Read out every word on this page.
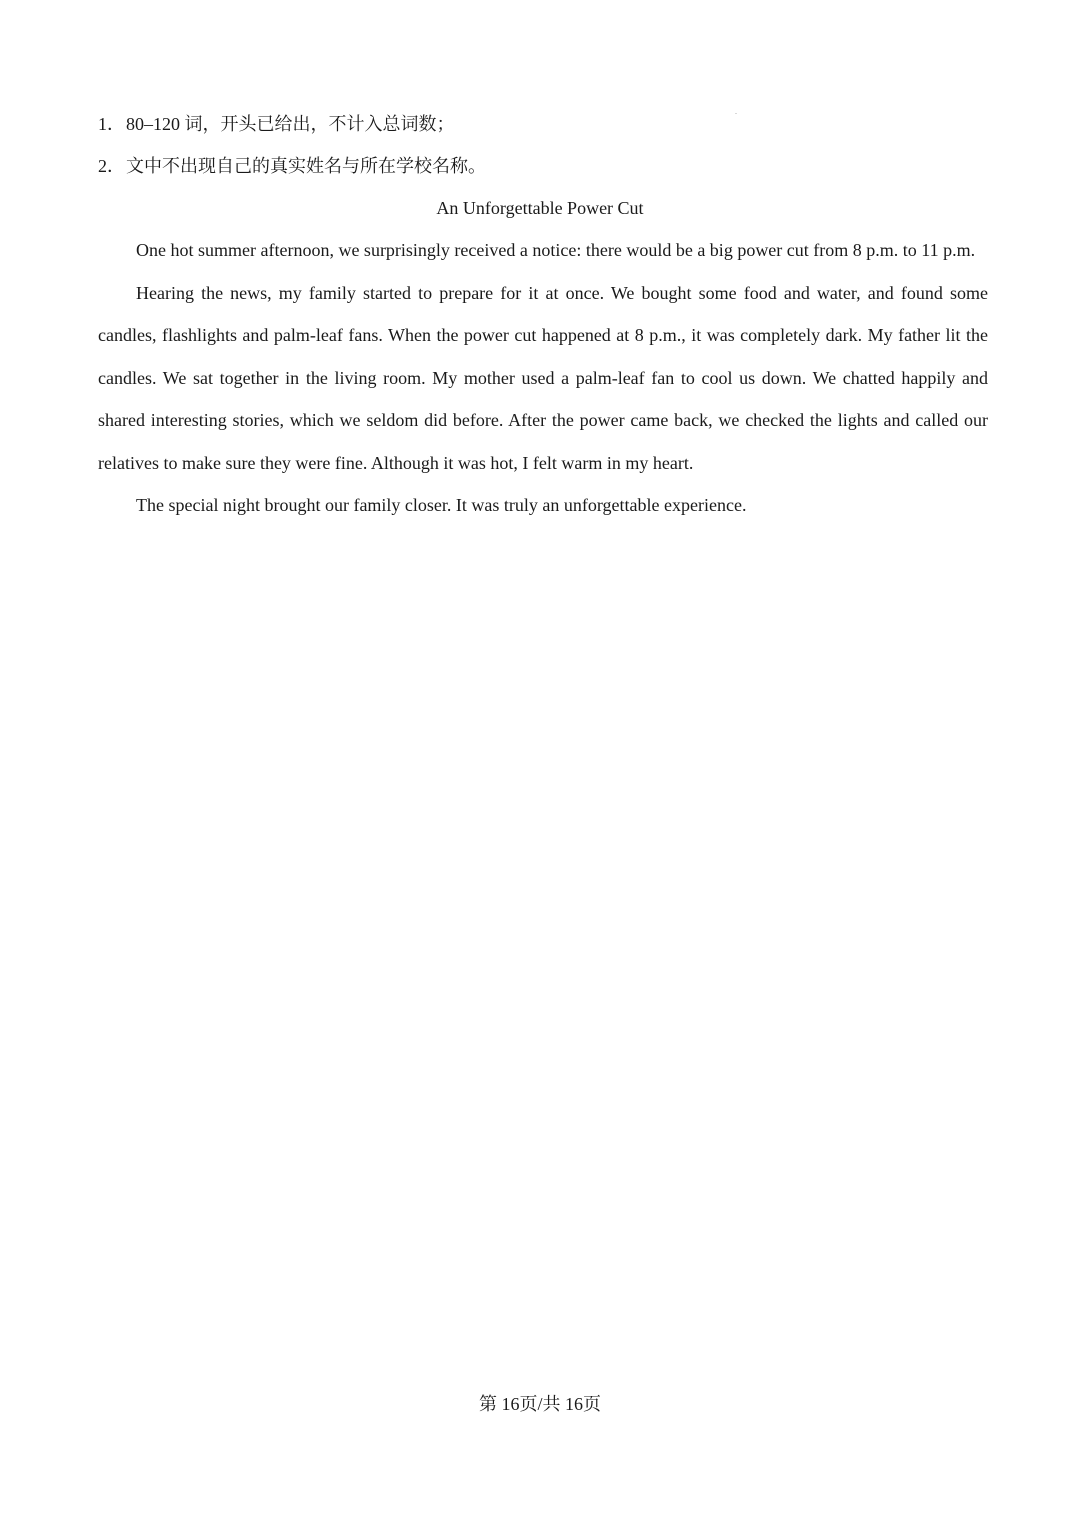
1．80–120 词，开头已给出，不计入总词数；
2．文中不出现自己的真实姓名与所在学校名称。
An Unforgettable Power Cut

One hot summer afternoon, we surprisingly received a notice: there would be a big power cut from 8 p.m. to 11 p.m.

Hearing the news, my family started to prepare for it at once. We bought some food and water, and found some candles, flashlights and palm-leaf fans. When the power cut happened at 8 p.m., it was completely dark. My father lit the candles. We sat together in the living room. My mother used a palm-leaf fan to cool us down. We chatted happily and shared interesting stories, which we seldom did before. After the power came back, we checked the lights and called our relatives to make sure they were fine. Although it was hot, I felt warm in my heart.

The special night brought our family closer. It was truly an unforgettable experience.

第 16页/共 16页
